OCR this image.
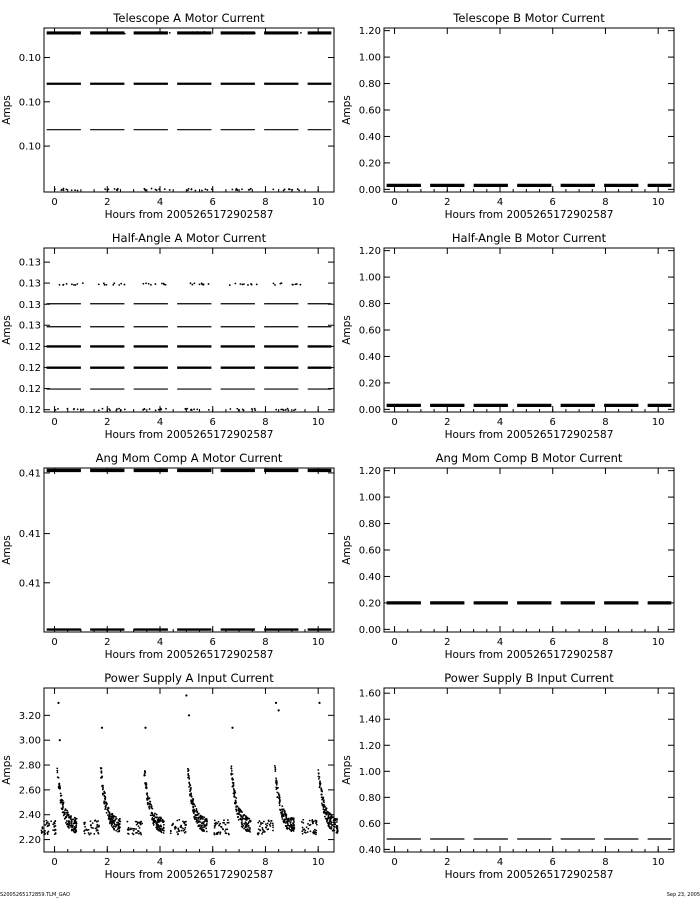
Telescope A Motor Current
0	2	4	6	8	10
Hours from 2005265172902587
0.10
0.10
0.10
Amps
Telescope B Motor Current
0	2	4	6	8	10
Hours from 2005265172902587
0.00
0.20
0.40
0.60
0.80
1.00
1.20
Amps
Half-Angle A Motor Current
0	2	4	6	8	10
Hours from 2005265172902587
0.12
0.12
0.12
0.12
0.13
0.13
0.13
0.13
Amps
Half-Angle B Motor Current
0	2	4	6	8	10
Hours from 2005265172902587
0.00
0.20
0.40
0.60
0.80
1.00
1.20
Amps
Ang Mom Comp A Motor Current
0	2	4	6	8	10
Hours from 2005265172902587
0.41
0.41
0.41
Amps
Ang Mom Comp B Motor Current
0	2	4	6	8	10
Hours from 2005265172902587
0.00
0.20
0.40
0.60
0.80
1.00
1.20
Amps
Power Supply A Input Current
0	2	4	6	8	10
Hours from 2005265172902587
2.20
2.40
2.60
2.80
3.00
3.20
Amps
Power Supply B Input Current
0	2	4	6	8	10
Hours from 2005265172902587
0.40
0.60
0.80
1.00
1.20
1.40
1.60
Amps
S2005265172859.TLM_GAO	Sep 23, 2005
